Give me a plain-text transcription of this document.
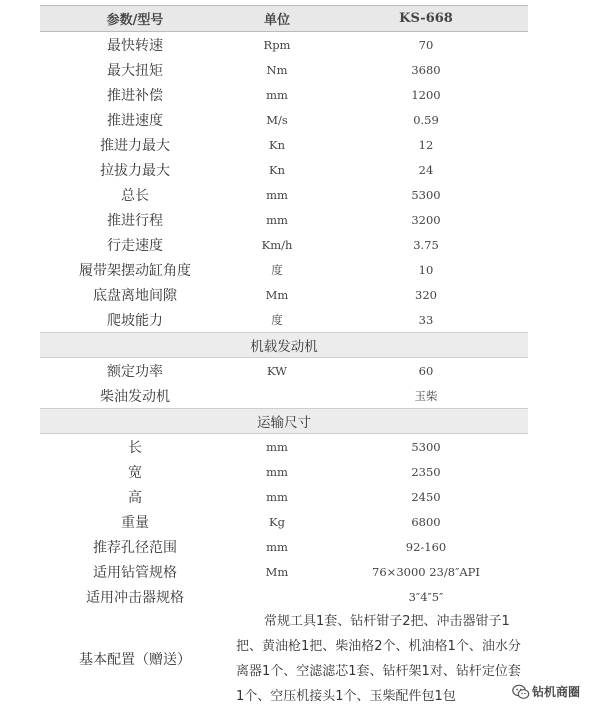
参数/型号	单位	KS-668
最快转速	Rpm	70
最大扭矩	Nm	3680
推进补偿	mm	1200
推进速度	M/s	0.59
推进力最大	Kn	12
拉拔力最大	Kn	24
总长	mm	5300
推进行程	mm	3200
行走速度	Km/h	3.75
履带架摆动缸角度	度	10
底盘离地间隙	Mm	320
爬坡能力	度	33
机载发动机		
额定功率	KW	60
柴油发动机		玉柴
运输尺寸		
长	mm	5300
宽	mm	2350
高	mm	2450
重量	Kg	6800
推荐孔径范围	mm	92-160
适用钻管规格	Mm	76×3000 23/8″API
适用冲击器规格		3″4″5″
基本配置（赠送）	常规工具1套、钻杆钳子2把、冲击器钳子1把、黄油枪1把、柴油格2个、机油格1个、油水分离器1个、空滤滤芯1套、钻杆架1对、钻杆定位套1个、空压机接头1个、玉柴配件包1包		钻机商圈
